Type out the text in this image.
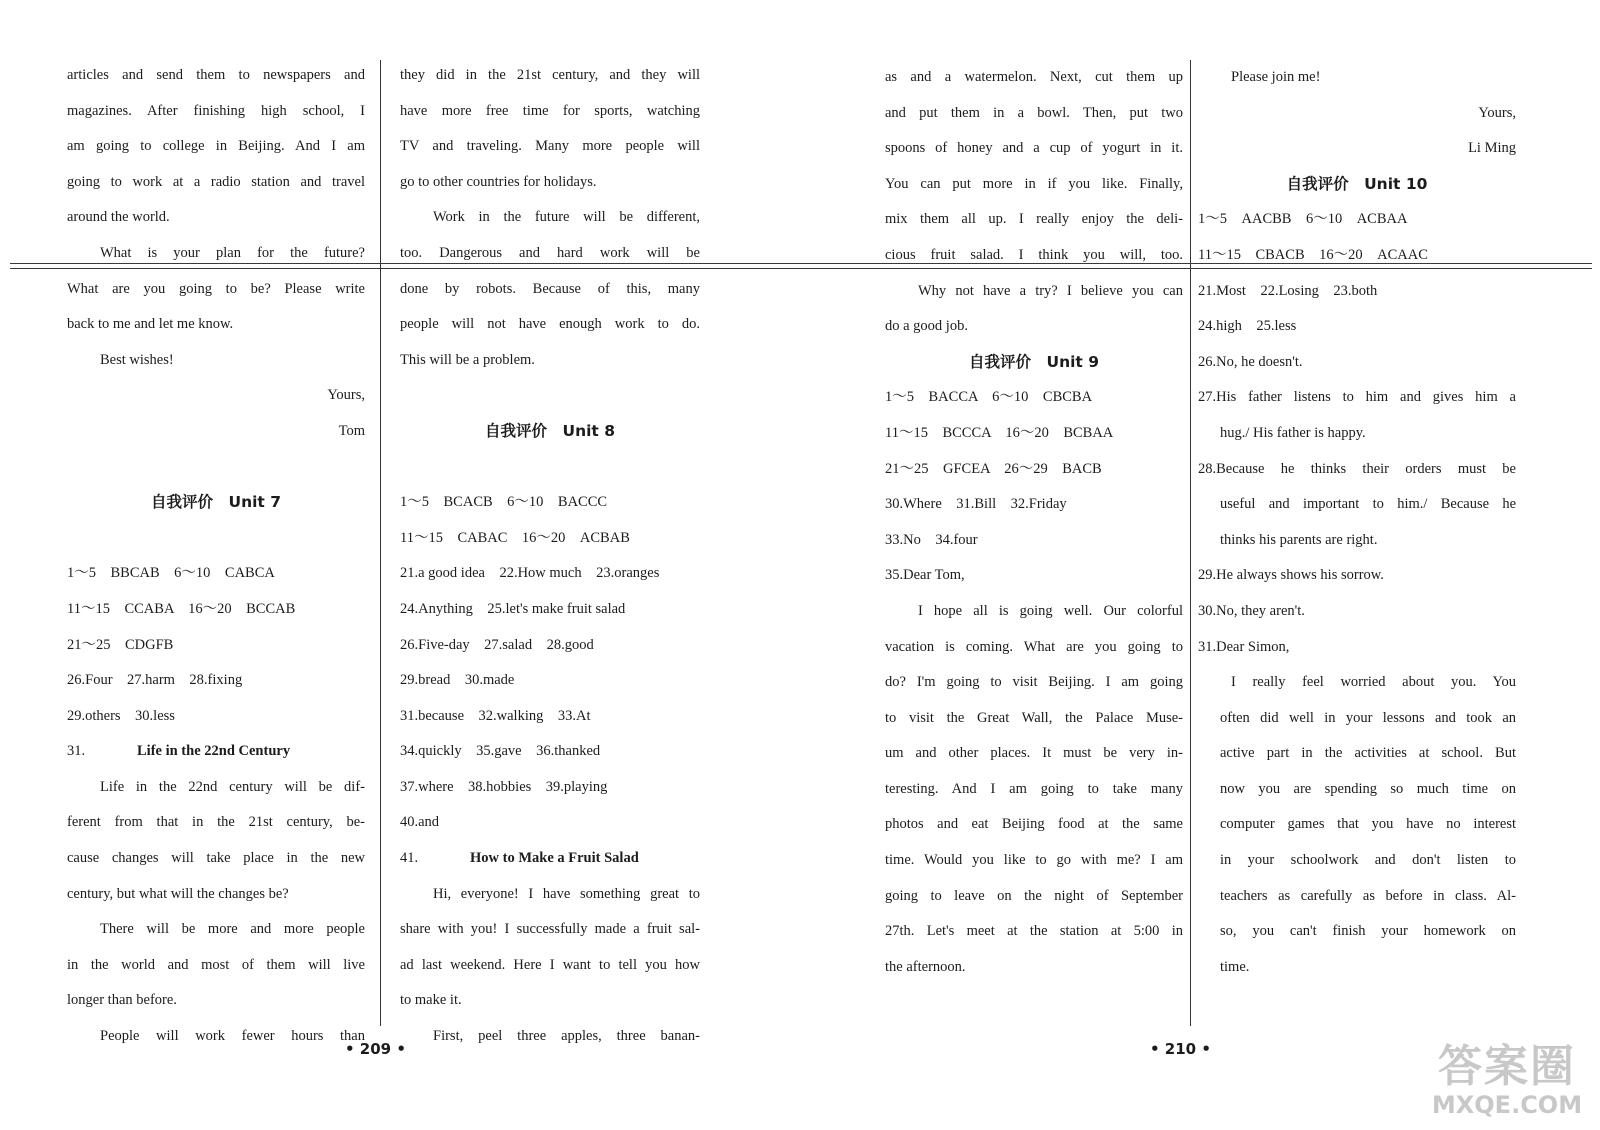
articles and send them to newspapers and
magazines. After finishing high school, I
am going to college in Beijing. And I am
going to work at a radio station and travel
around the world.
What is your plan for the future?
What are you going to be? Please write
back to me and let me know.
Best wishes!
Yours,
Tom
自我评价　Unit 7
1～5　BBCAB　6～10　CABCA
11～15　CCABA　16～20　BCCAB
21～25　CDGFB
26.Four　27.harm　28.fixing
29.others　30.less
31.	Life in the 22nd Century
Life in the 22nd century will be dif-
ferent from that in the 21st century, be-
cause changes will take place in the new
century, but what will the changes be?
There will be more and more people
in the world and most of them will live
longer than before.
People will work fewer hours than
they did in the 21st century, and they will
have more free time for sports, watching
TV and traveling. Many more people will
go to other countries for holidays.
Work in the future will be different,
too. Dangerous and hard work will be
done by robots. Because of this, many
people will not have enough work to do.
This will be a problem.
自我评价　Unit 8
1～5　BCACB　6～10　BACCC
11～15　CABAC　16～20　ACBAB
21.a good idea　22.How much　23.oranges
24.Anything　25.let's make fruit salad
26.Five-day　27.salad　28.good
29.bread　30.made
31.because　32.walking　33.At
34.quickly　35.gave　36.thanked
37.where　38.hobbies　39.playing
40.and
41.	How to Make a Fruit Salad
Hi, everyone! I have something great to
share with you! I successfully made a fruit sal-
ad last weekend. Here I want to tell you how
to make it.
First, peel three apples, three banan-
• 209 •
as and a watermelon. Next, cut them up
and put them in a bowl. Then, put two
spoons of honey and a cup of yogurt in it.
You can put more in if you like. Finally,
mix them all up. I really enjoy the deli-
cious fruit salad. I think you will, too.
Why not have a try? I believe you can
do a good job.
自我评价　Unit 9
1～5　BACCA　6～10　CBCBA
11～15　BCCCA　16～20　BCBAA
21～25　GFCEA　26～29　BACB
30.Where　31.Bill　32.Friday
33.No　34.four
35.Dear Tom,
I hope all is going well. Our colorful
vacation is coming. What are you going to
do? I'm going to visit Beijing. I am going
to visit the Great Wall, the Palace Muse-
um and other places. It must be very in-
teresting. And I am going to take many
photos and eat Beijing food at the same
time. Would you like to go with me? I am
going to leave on the night of September
27th. Let's meet at the station at 5:00 in
the afternoon.
Please join me!
Yours,
Li Ming
自我评价　Unit 10
1～5　AACBB　6～10　ACBAA
11～15　CBACB　16～20　ACAAC
21.Most　22.Losing　23.both
24.high　25.less
26.No, he doesn't.
27.His father listens to him and gives him a
hug./ His father is happy.
28.Because he thinks their orders must be
useful and important to him./ Because he
thinks his parents are right.
29.He always shows his sorrow.
30.No, they aren't.
31.Dear Simon,
I really feel worried about you. You
often did well in your lessons and took an
active part in the activities at school. But
now you are spending so much time on
computer games that you have no interest
in your schoolwork and don't listen to
teachers as carefully as before in class. Al-
so, you can't finish your homework on
time.
• 210 •	答案圈
MXQE.COM
